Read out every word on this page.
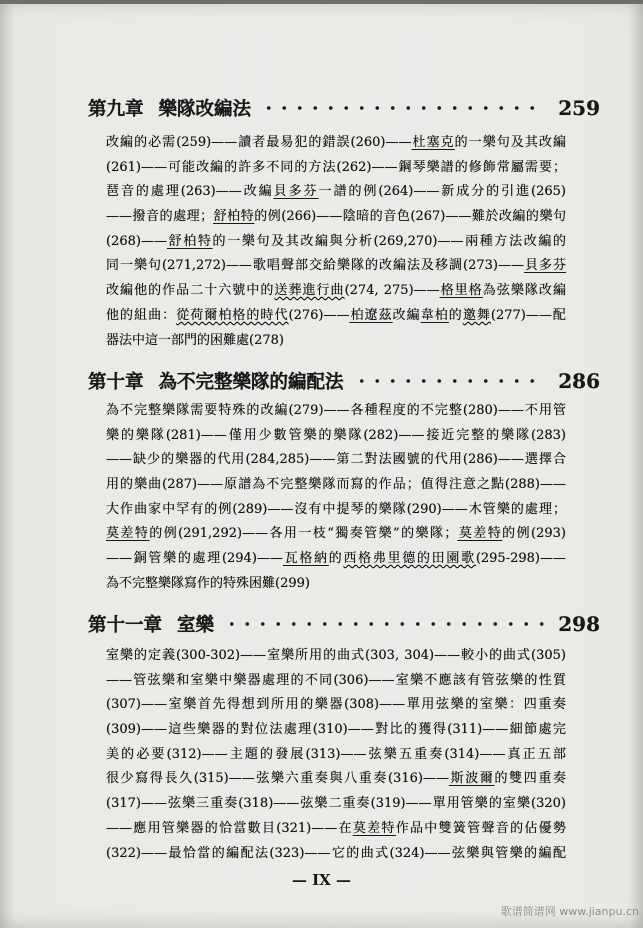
第九章 樂隊改編法	259
改編的必需(259)——讀者最易犯的錯誤(260)——杜塞克的一樂句及其改編
(261)——可能改編的許多不同的方法(262)——鋼琴樂譜的修飾常屬需要；
琶音的處理(263)——改編貝多芬一譜的例(264)——新成分的引進(265)
——撥音的處理；舒柏特的例(266)——陰暗的音色(267)——難於改編的樂句
(268)——舒柏特的一樂句及其改編與分析(269,270)——兩種方法改編的
同一樂句(271,272)——歌唱聲部交給樂隊的改編法及移調(273)——貝多芬
改編他的作品二十六號中的送葬進行曲(274, 275)——格里格為弦樂隊改編
他的組曲：從荷爾柏格的時代(276)——柏遼茲改編韋柏的邀舞(277)——配
器法中這一部門的困難處(278)
第十章 為不完整樂隊的編配法	286
為不完整樂隊需要特殊的改編(279)——各種程度的不完整(280)——不用管
樂的樂隊(281)——僅用少數管樂的樂隊(282)——接近完整的樂隊(283)
——缺少的樂器的代用(284,285)——第二對法國號的代用(286)——選擇合
用的樂曲(287)——原譜為不完整樂隊而寫的作品；值得注意之點(288)——
大作曲家中罕有的例(289)——沒有中提琴的樂隊(290)——木管樂的處理；
莫差特的例(291,292)——各用一枝“獨奏管樂”的樂隊；莫差特的例(293)
——銅管樂的處理(294)——瓦格納的西格弗里德的田園歌(295-298)——
為不完整樂隊寫作的特殊困難(299)
第十一章 室樂	298
室樂的定義(300-302)——室樂所用的曲式(303, 304)——較小的曲式(305)
——管弦樂和室樂中樂器處理的不同(306)——室樂不應該有管弦樂的性質
(307)——室樂首先得想到所用的樂器(308)——單用弦樂的室樂：四重奏
(309)——這些樂器的對位法處理(310)——對比的獲得(311)——細節處完
美的必要(312)——主題的發展(313)——弦樂五重奏(314)——真正五部
很少寫得長久(315)——弦樂六重奏與八重奏(316)——斯波爾的雙四重奏
(317)——弦樂三重奏(318)——弦樂二重奏(319)——單用管樂的室樂(320)
——應用管樂器的恰當數目(321)——在莫差特作品中雙簧管聲音的佔優勢
(322)——最恰當的編配法(323)——它的曲式(324)——弦樂與管樂的編配
— IX —
歌谱简谱网 www.jianpu.cn
